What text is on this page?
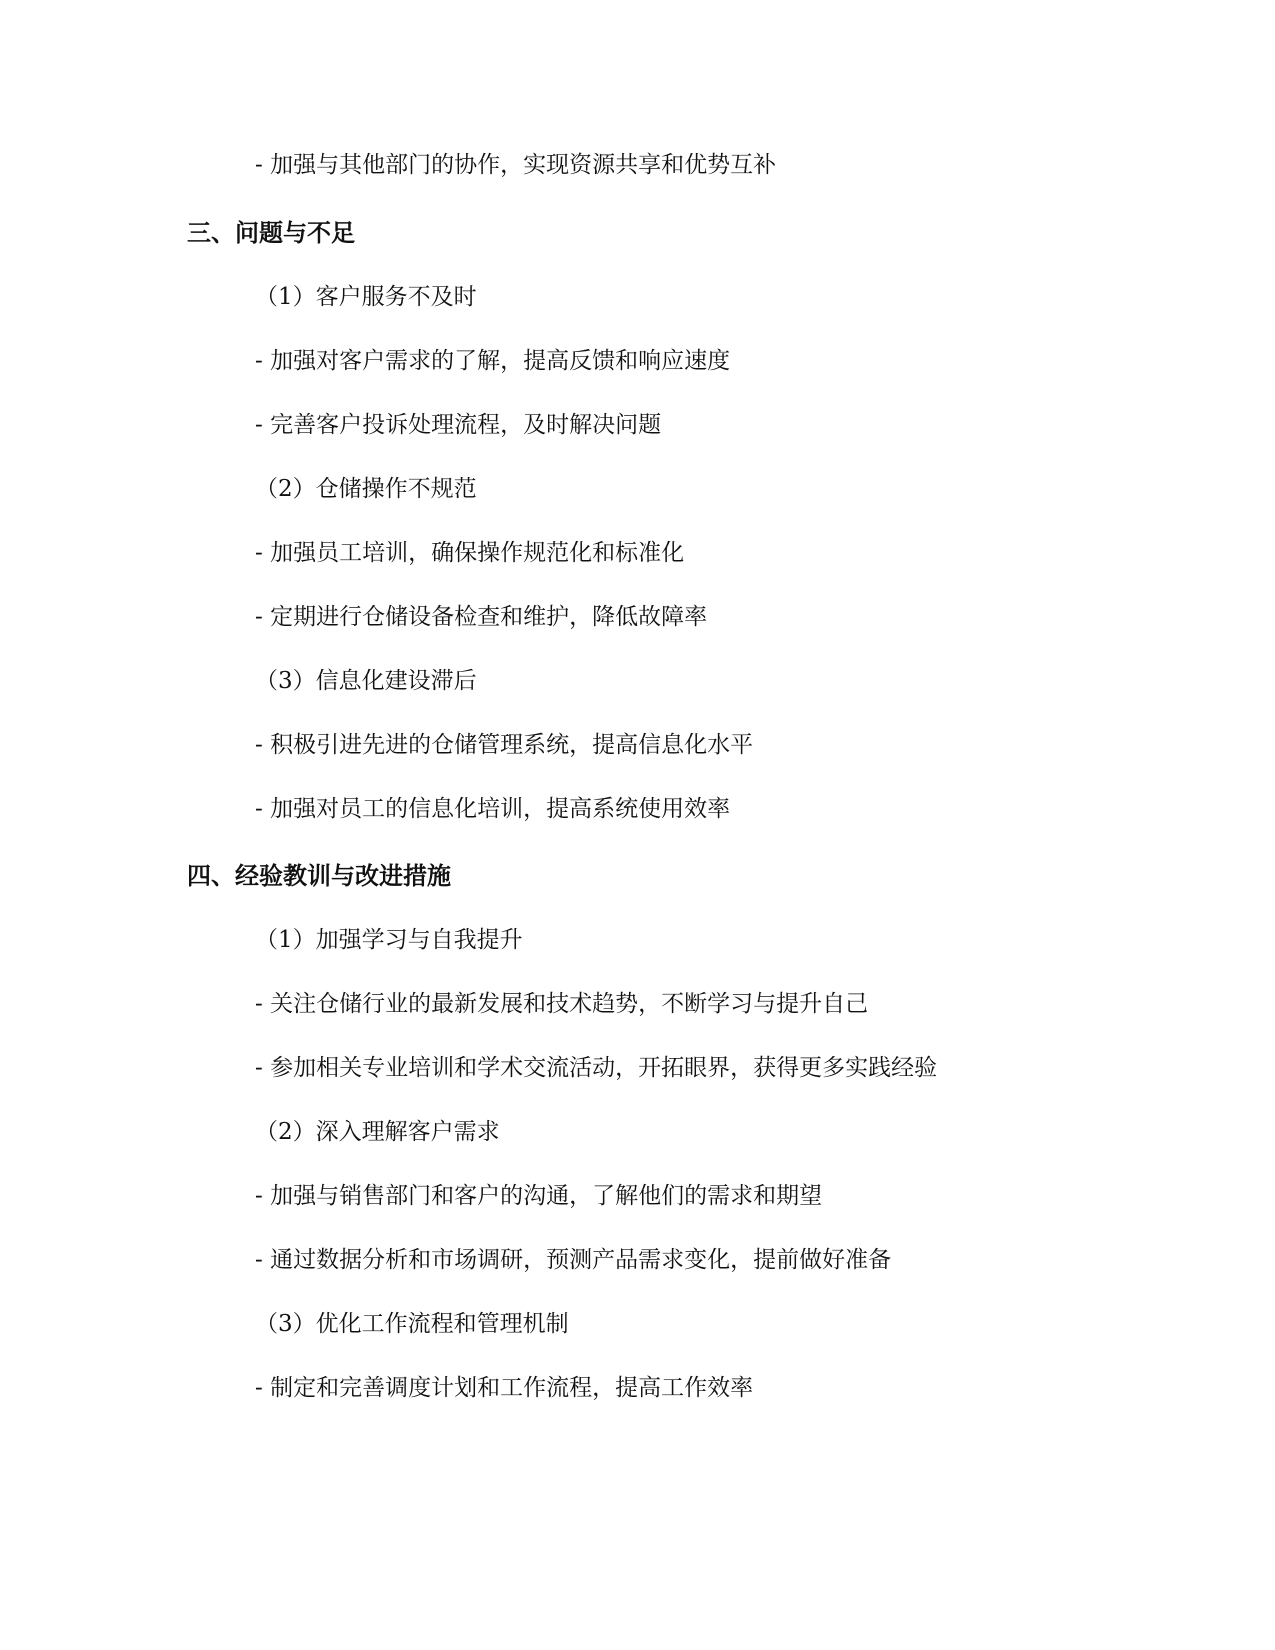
- 加强与其他部门的协作，实现资源共享和优势互补
三、问题与不足
（1）客户服务不及时
- 加强对客户需求的了解，提高反馈和响应速度
- 完善客户投诉处理流程，及时解决问题
（2）仓储操作不规范
- 加强员工培训，确保操作规范化和标准化
- 定期进行仓储设备检查和维护，降低故障率
（3）信息化建设滞后
- 积极引进先进的仓储管理系统，提高信息化水平
- 加强对员工的信息化培训，提高系统使用效率
四、经验教训与改进措施
（1）加强学习与自我提升
- 关注仓储行业的最新发展和技术趋势，不断学习与提升自己
- 参加相关专业培训和学术交流活动，开拓眼界，获得更多实践经验
（2）深入理解客户需求
- 加强与销售部门和客户的沟通，了解他们的需求和期望
- 通过数据分析和市场调研，预测产品需求变化，提前做好准备
（3）优化工作流程和管理机制
- 制定和完善调度计划和工作流程，提高工作效率
